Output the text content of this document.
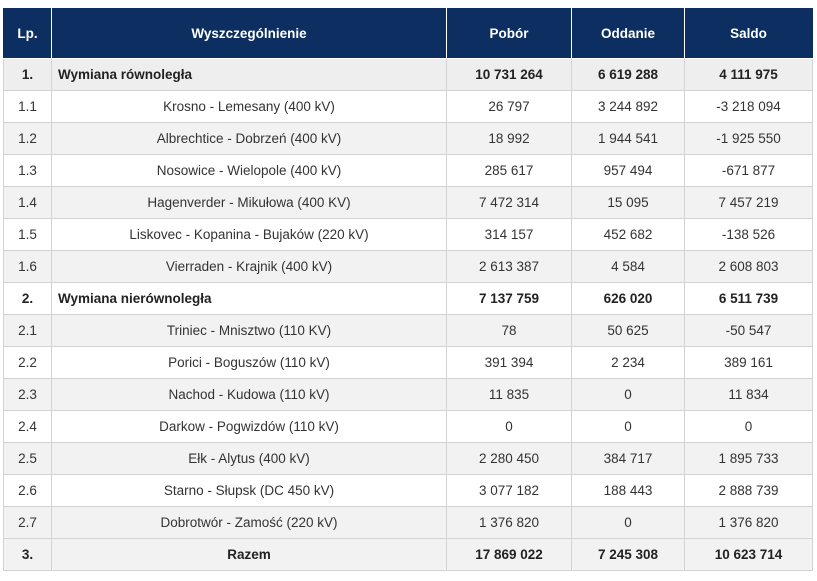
Lp.	Wyszczególnienie	Pobór	Oddanie	Saldo
1.	Wymiana równoległa	10 731 264	6 619 288	4 111 975
1.1	Krosno - Lemesany (400 kV)	26 797	3 244 892	-3 218 094
1.2	Albrechtice - Dobrzeń (400 kV)	18 992	1 944 541	-1 925 550
1.3	Nosowice - Wielopole (400 kV)	285 617	957 494	-671 877
1.4	Hagenverder - Mikułowa (400 KV)	7 472 314	15 095	7 457 219
1.5	Liskovec - Kopanina - Bujaków (220 kV)	314 157	452 682	-138 526
1.6	Vierraden - Krajnik (400 kV)	2 613 387	4 584	2 608 803
2.	Wymiana nierównoległa	7 137 759	626 020	6 511 739
2.1	Triniec - Mnisztwo (110 KV)	78	50 625	-50 547
2.2	Porici - Boguszów (110 kV)	391 394	2 234	389 161
2.3	Nachod - Kudowa (110 kV)	11 835	0	11 834
2.4	Darkow - Pogwizdów (110 kV)	0	0	0
2.5	Ełk - Alytus (400 kV)	2 280 450	384 717	1 895 733
2.6	Starno - Słupsk (DC 450 kV)	3 077 182	188 443	2 888 739
2.7	Dobrotwór - Zamość (220 kV)	1 376 820	0	1 376 820
3.	Razem	17 869 022	7 245 308	10 623 714
